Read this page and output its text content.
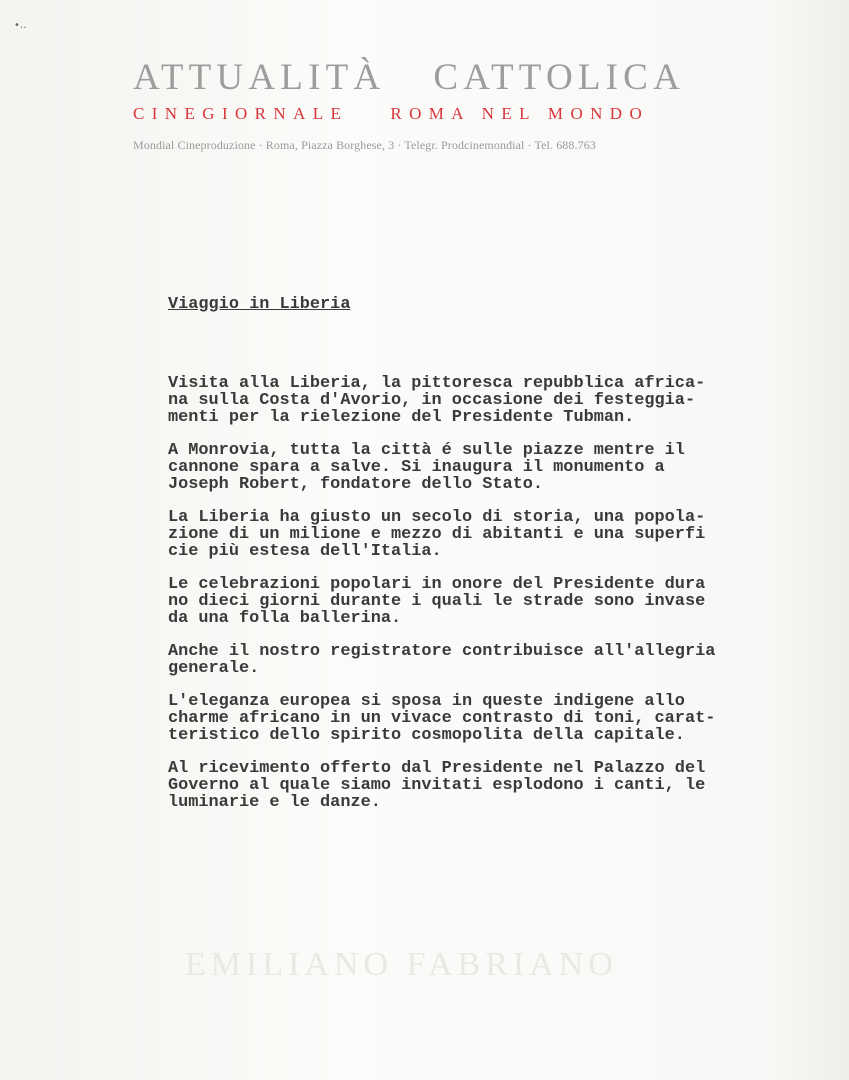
•‥
EMILIANO FABRIANO
ATTUALITÀ CATTOLICA
CINEGIORNALE ROMA NEL MONDO
Mondial Cineproduzione · Roma, Piazza Borghese, 3 · Telegr. Prodcinemondial · Tel. 688.763
Viaggio in Liberia
Visita alla Liberia, la pittoresca repubblica africa-
na sulla Costa d'Avorio, in occasione dei festeggia-
menti per la rielezione del Presidente Tubman.
A Monrovia, tutta la città é sulle piazze mentre il
cannone spara a salve. Si inaugura il monumento a
Joseph Robert, fondatore dello Stato.
La Liberia ha giusto un secolo di storia, una popola-
zione di un milione e mezzo di abitanti e una superfi
cie più estesa dell'Italia.
Le celebrazioni popolari in onore del Presidente dura
no dieci giorni durante i quali le strade sono invase
da una folla ballerina.
Anche il nostro registratore contribuisce all'allegria
generale.
L'eleganza europea si sposa in queste indigene allo
charme africano in un vivace contrasto di toni, carat-
teristico dello spirito cosmopolita della capitale.
Al ricevimento offerto dal Presidente nel Palazzo del
Governo al quale siamo invitati esplodono i canti, le
luminarie e le danze.
